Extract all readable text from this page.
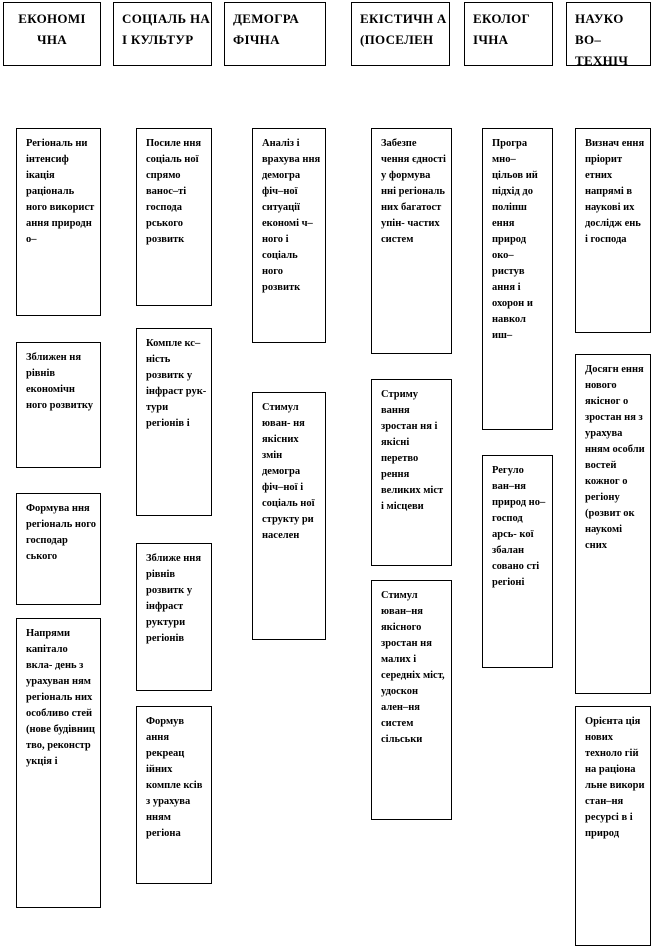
ЕКОНОМІ ЧНА
СОЦІАЛЬ НА І КУЛЬТУР
ДЕМОГРА ФІЧНА
ЕКІСТИЧН А (ПОСЕЛЕН
ЕКОЛОГ ІЧНА
НАУКО ВО– ТЕХНІЧ
Регіональ ни інтенсиф ікація раціональ ного використ ання природн о–
Зближен ня рівнів економічн ного розвитку
Формува ння регіональ ного господар ського
Напрями капітало вкла- день з урахуван ням регіональ них особливо стей (нове будівниц тво, реконстр укція і
Посиле ння соціаль ної спрямо ванос–ті господа рського розвитк
Компле кс–ність розвитк у інфраст рук- тури регіонів і
Зближе ння рівнів розвитк у інфраст руктури регіонів
Формув ання рекреац ійних компле ксів з урахува нням регіона
Аналіз і врахува ння демогра фіч–ної ситуації економі ч–ного і соціаль ного розвитк
Стимул юван- ня якісних змін демогра фіч–ної і соціаль ної структу ри населен
Забезпе чення єдності у формува нні регіональ них багатост упін- частих систем
Стриму вання зростан ня і якісні перетво рення великих міст і місцеви
Стимул юван–ня якісного зростан ня малих і середніх міст, удоскон ален–ня систем сільськи
Програ мно– цільов ий підхід до поліпш ення природ око– ристув ання і охорон и навкол иш–
Регуло ван–ня природ но– господ арсь- кої збалан сованo сті регіоні
Визнач ення пріорит етних напрямі в наукові их дослідж ень і господа
Досягн ення нового якісног о зростан ня з урахува нням особли востей кожног о регіону (розвит ок наукомі сних
Орієнта ція нових техноло гій на раціона льне викори стан–ня ресурсі в і природ
